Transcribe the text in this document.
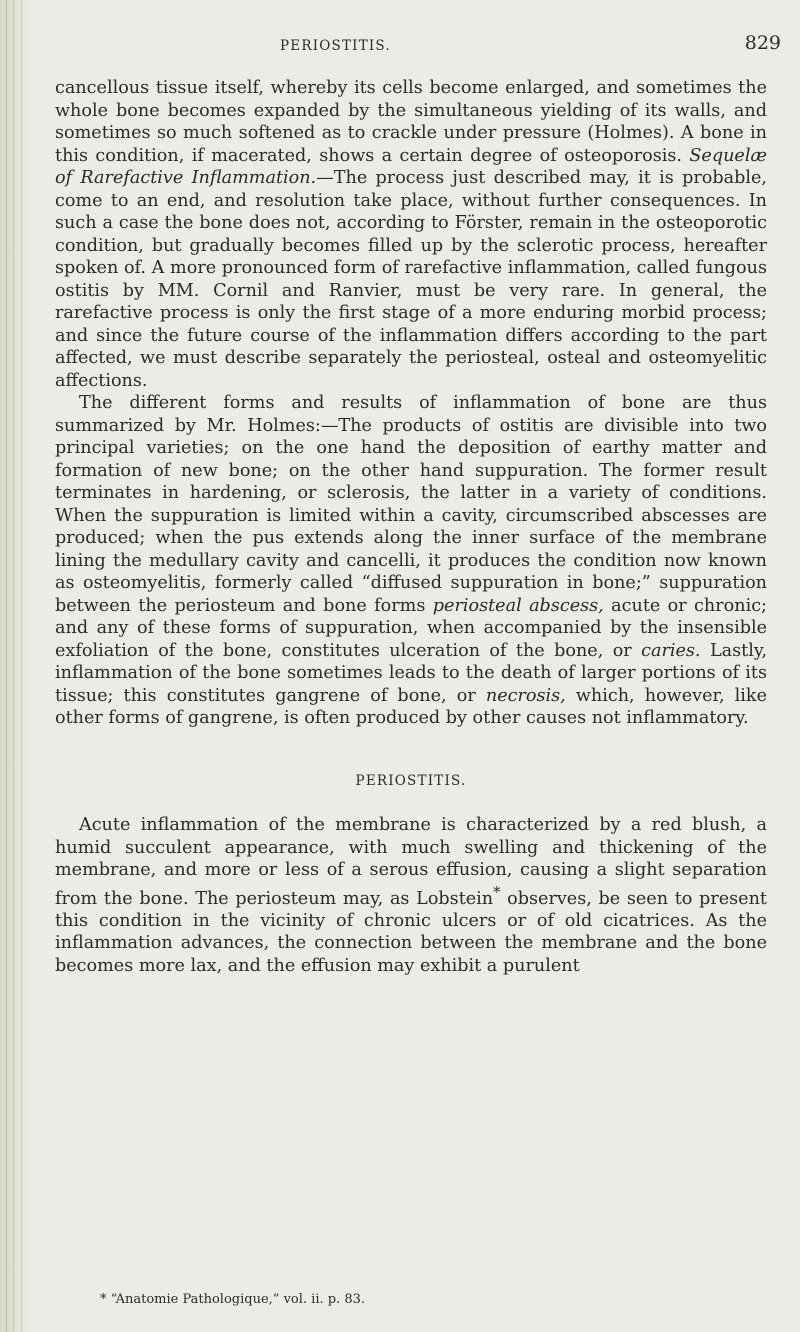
PERIOSTITIS.	829

cancellous tissue itself, whereby its cells become enlarged, and sometimes the whole bone becomes expanded by the simultaneous yielding of its walls, and sometimes so much softened as to crackle under pressure (Holmes). A bone in this condition, if macerated, shows a certain degree of osteoporosis. Sequelæ of Rarefactive Inflammation.—The process just described may, it is probable, come to an end, and resolution take place, without further consequences. In such a case the bone does not, according to Förster, remain in the osteoporotic condition, but gradually becomes filled up by the sclerotic process, hereafter spoken of. A more pronounced form of rarefactive inflammation, called fungous ostitis by MM. Cornil and Ranvier, must be very rare. In general, the rarefactive process is only the first stage of a more enduring morbid process; and since the future course of the inflammation differs according to the part affected, we must describe separately the periosteal, osteal and osteomyelitic affections.

The different forms and results of inflammation of bone are thus summarized by Mr. Holmes:—The products of ostitis are divisible into two principal varieties; on the one hand the deposition of earthy matter and formation of new bone; on the other hand suppuration. The former result terminates in hardening, or sclerosis, the latter in a variety of conditions. When the suppuration is limited within a cavity, circumscribed abscesses are produced; when the pus extends along the inner surface of the membrane lining the medullary cavity and cancelli, it produces the condition now known as osteomyelitis, formerly called “diffused suppuration in bone;” suppuration between the periosteum and bone forms periosteal abscess, acute or chronic; and any of these forms of suppuration, when accompanied by the insensible exfoliation of the bone, constitutes ulceration of the bone, or caries. Lastly, inflammation of the bone sometimes leads to the death of larger portions of its tissue; this constitutes gangrene of bone, or necrosis, which, however, like other forms of gangrene, is often produced by other causes not inflammatory.

PERIOSTITIS.

Acute inflammation of the membrane is characterized by a red blush, a humid succulent appearance, with much swelling and thickening of the membrane, and more or less of a serous effusion, causing a slight separation from the bone. The periosteum may, as Lobstein* observes, be seen to present this condition in the vicinity of chronic ulcers or of old cicatrices. As the inflammation advances, the connection between the membrane and the bone becomes more lax, and the effusion may exhibit a purulent

* “Anatomie Pathologique,” vol. ii. p. 83.
